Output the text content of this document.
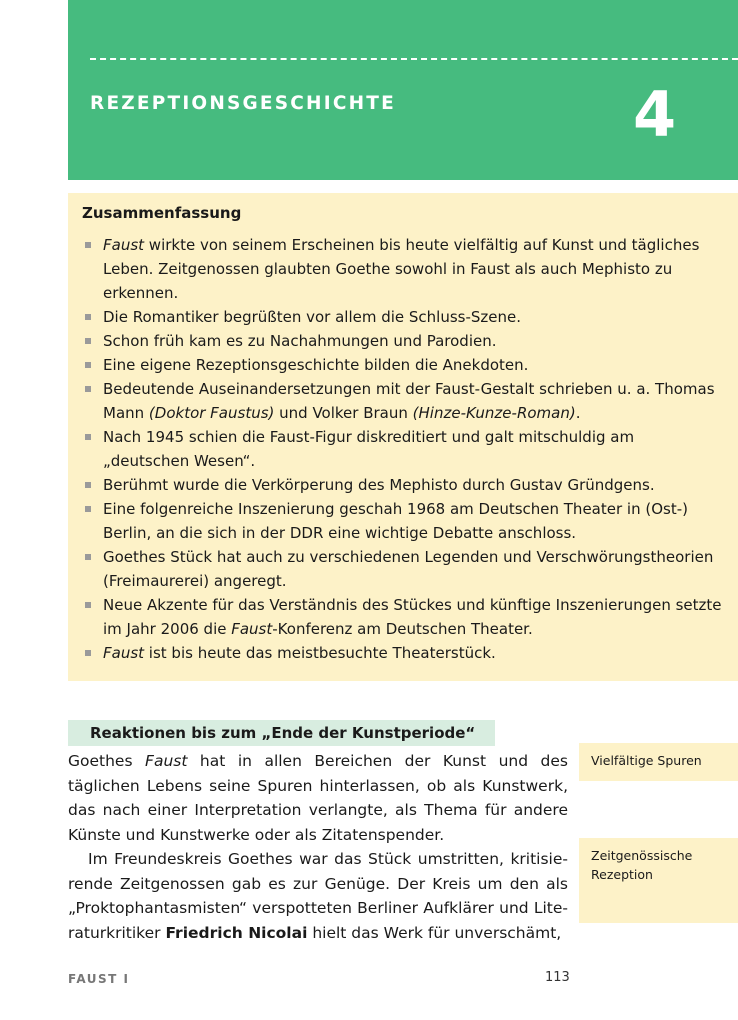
REZEPTIONSGESCHICHTE	4
Zusammenfassung
Faust wirkte von seinem Erscheinen bis heute vielfältig auf Kunst und tägliches Leben. Zeitgenossen glaubten Goethe sowohl in Faust als auch Mephisto zu erkennen.
Die Romantiker begrüßten vor allem die Schluss-Szene.
Schon früh kam es zu Nachahmungen und Parodien.
Eine eigene Rezeptionsgeschichte bilden die Anekdoten.
Bedeutende Auseinandersetzungen mit der Faust-Gestalt schrieben u. a. Thomas Mann (Doktor Faustus) und Volker Braun (Hinze-Kunze-Roman).
Nach 1945 schien die Faust-Figur diskreditiert und galt mitschuldig am „deutschen Wesen“.
Berühmt wurde die Verkörperung des Mephisto durch Gustav Gründgens.
Eine folgenreiche Inszenierung geschah 1968 am Deutschen Theater in (Ost-) Berlin, an die sich in der DDR eine wichtige Debatte anschloss.
Goethes Stück hat auch zu verschiedenen Legenden und Verschwörungstheorien (Freimaurerei) angeregt.
Neue Akzente für das Verständnis des Stückes und künftige Inszenierungen setzte im Jahr 2006 die Faust-Konferenz am Deutschen Theater.
Faust ist bis heute das meistbesuchte Theaterstück.
Reaktionen bis zum „Ende der Kunstperiode“

Goethes Faust hat in allen Bereichen der Kunst und des täglichen Lebens seine Spuren hinterlassen, ob als Kunstwerk, das nach einer Interpretation verlangte, als Thema für andere Künste und Kunstwerke oder als Zitatenspender.

Im Freundeskreis Goethes war das Stück umstritten, kritisierende Zeitgenossen gab es zur Genüge. Der Kreis um den als „Proktophantasmisten“ verspotteten Berliner Aufklärer und Literaturkritiker Friedrich Nicolai hielt das Werk für unverschämt,

Vielfältige Spuren
Zeitgenössische Rezeption
FAUST I	113
